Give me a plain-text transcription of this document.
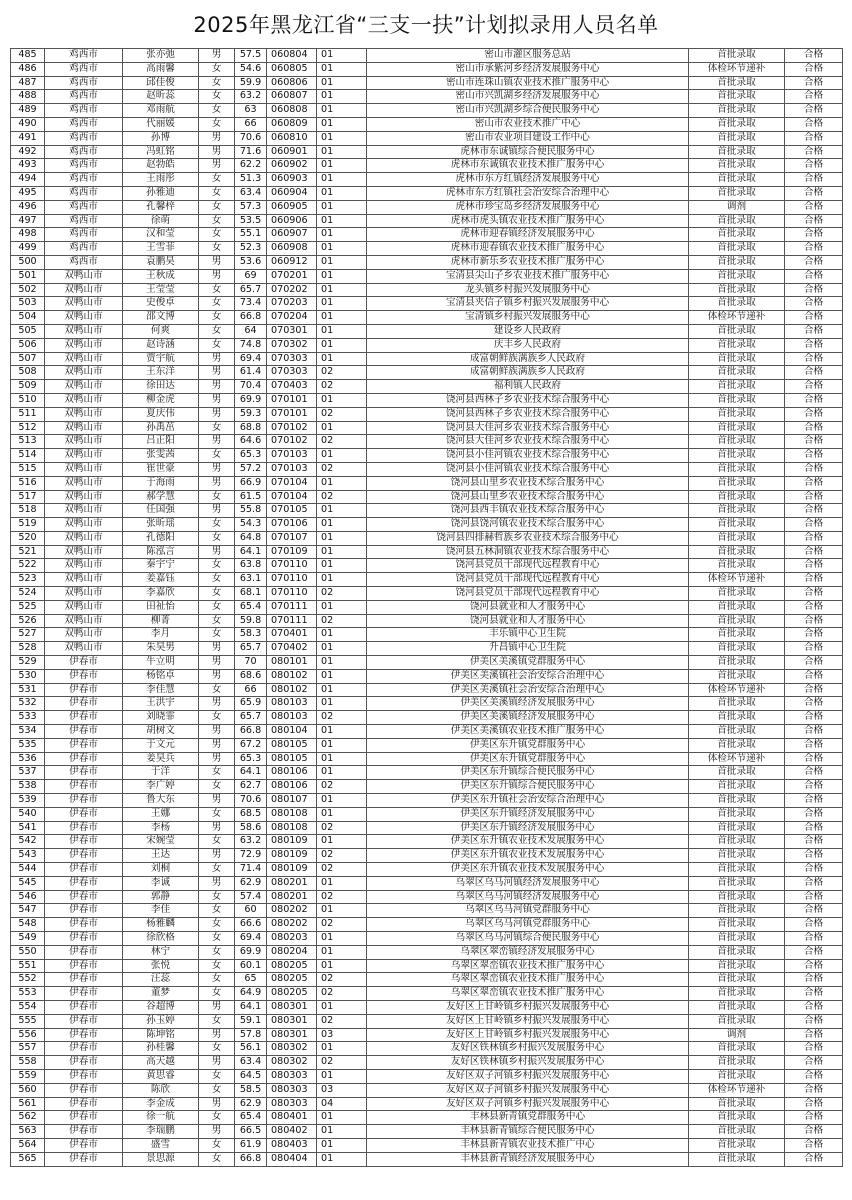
2025年黑龙江省“三支一扶”计划拟录用人员名单
485	鸡西市	张亦弛	男	57.5	060804	01	密山市灌区服务总站	首批录取	合格
486	鸡西市	高雨馨	女	54.6	060805	01	密山市承紫河乡经济发展服务中心	体检环节递补	合格
487	鸡西市	邱佳俊	女	59.9	060806	01	密山市连珠山镇农业技术推广服务中心	首批录取	合格
488	鸡西市	赵昕蕊	女	63.2	060807	01	密山市兴凯湖乡经济发展服务中心	首批录取	合格
489	鸡西市	邓雨航	女	63	060808	01	密山市兴凯湖乡综合便民服务中心	首批录取	合格
490	鸡西市	代丽媛	女	66	060809	01	密山市农业技术推广中心	首批录取	合格
491	鸡西市	孙博	男	70.6	060810	01	密山市农业项目建设工作中心	首批录取	合格
492	鸡西市	冯虹铭	男	71.6	060901	01	虎林市东诚镇综合便民服务中心	首批录取	合格
493	鸡西市	赵勃皓	男	62.2	060902	01	虎林市东诚镇农业技术推广服务中心	首批录取	合格
494	鸡西市	王雨彤	女	51.3	060903	01	虎林市东方红镇经济发展服务中心	首批录取	合格
495	鸡西市	孙雅迪	女	63.4	060904	01	虎林市东方红镇社会治安综合治理中心	首批录取	合格
496	鸡西市	孔馨梓	女	57.3	060905	01	虎林市珍宝岛乡经济发展服务中心	调剂	合格
497	鸡西市	徐萌	女	53.5	060906	01	虎林市虎头镇农业技术推广服务中心	首批录取	合格
498	鸡西市	汉和莹	女	55.1	060907	01	虎林市迎春镇经济发展服务中心	首批录取	合格
499	鸡西市	王雪菲	女	52.3	060908	01	虎林市迎春镇农业技术推广服务中心	首批录取	合格
500	鸡西市	袁鹏昊	男	53.6	060912	01	虎林市新乐乡农业技术推广服务中心	首批录取	合格
501	双鸭山市	王秋成	男	69	070201	01	宝清县尖山子乡农业技术推广服务中心	首批录取	合格
502	双鸭山市	王莹莹	女	65.7	070202	01	龙头镇乡村振兴发展服务中心	首批录取	合格
503	双鸭山市	史俊卓	女	73.4	070203	01	宝清县夹信子镇乡村振兴发展服务中心	首批录取	合格
504	双鸭山市	邵文博	女	66.8	070204	01	宝清镇乡村振兴发展服务中心	体检环节递补	合格
505	双鸭山市	何爽	女	64	070301	01	建设乡人民政府	首批录取	合格
506	双鸭山市	赵诗涵	女	74.8	070302	01	庆丰乡人民政府	首批录取	合格
507	双鸭山市	贾宇航	男	69.4	070303	01	成富朝鲜族满族乡人民政府	首批录取	合格
508	双鸭山市	王东洋	男	61.4	070303	02	成富朝鲜族满族乡人民政府	首批录取	合格
509	双鸭山市	徐田达	男	70.4	070403	02	福利镇人民政府	首批录取	合格
510	双鸭山市	柳金虎	男	69.9	070101	01	饶河县西林子乡农业技术综合服务中心	首批录取	合格
511	双鸭山市	夏庆伟	男	59.3	070101	02	饶河县西林子乡农业技术综合服务中心	首批录取	合格
512	双鸭山市	孙禹茁	女	68.8	070102	01	饶河县大佳河乡农业技术综合服务中心	首批录取	合格
513	双鸭山市	吕正阳	男	64.6	070102	02	饶河县大佳河乡农业技术综合服务中心	首批录取	合格
514	双鸭山市	张雯茜	女	65.3	070103	01	饶河县小佳河镇农业技术综合服务中心	首批录取	合格
515	双鸭山市	崔世豪	男	57.2	070103	02	饶河县小佳河镇农业技术综合服务中心	首批录取	合格
516	双鸭山市	于海雨	男	66.9	070104	01	饶河县山里乡农业技术综合服务中心	首批录取	合格
517	双鸭山市	郝学慧	女	61.5	070104	02	饶河县山里乡农业技术综合服务中心	首批录取	合格
518	双鸭山市	任国强	男	55.8	070105	01	饶河县西丰镇农业技术综合服务中心	首批录取	合格
519	双鸭山市	张昕瑶	女	54.3	070106	01	饶河县饶河镇农业技术综合服务中心	首批录取	合格
520	双鸭山市	孔德阳	女	64.8	070107	01	饶河县四排赫哲族乡农业技术综合服务中心	首批录取	合格
521	双鸭山市	陈泓言	男	64.1	070109	01	饶河县五林洞镇农业技术综合服务中心	首批录取	合格
522	双鸭山市	秦宇宁	女	63.8	070110	01	饶河县党员干部现代远程教育中心	首批录取	合格
523	双鸭山市	姜嘉钰	女	63.1	070110	01	饶河县党员干部现代远程教育中心	体检环节递补	合格
524	双鸭山市	李嘉欣	女	68.1	070110	02	饶河县党员干部现代远程教育中心	首批录取	合格
525	双鸭山市	田祉怡	女	65.4	070111	01	饶河县就业和人才服务中心	首批录取	合格
526	双鸭山市	柳菁	女	59.8	070111	02	饶河县就业和人才服务中心	首批录取	合格
527	双鸭山市	李月	女	58.3	070401	01	丰乐镇中心卫生院	首批录取	合格
528	双鸭山市	朱昊男	男	65.7	070402	01	升昌镇中心卫生院	首批录取	合格
529	伊春市	牛立明	男	70	080101	01	伊美区美溪镇党群服务中心	首批录取	合格
530	伊春市	杨铭卓	男	68.6	080102	01	伊美区美溪镇社会治安综合治理中心	首批录取	合格
531	伊春市	李佳慧	女	66	080102	01	伊美区美溪镇社会治安综合治理中心	体检环节递补	合格
532	伊春市	王洪宇	男	65.9	080103	01	伊美区美溪镇经济发展服务中心	首批录取	合格
533	伊春市	刘晓霏	女	65.7	080103	02	伊美区美溪镇经济发展服务中心	首批录取	合格
534	伊春市	胡树文	男	66.8	080104	01	伊美区美溪镇农业技术推广服务中心	首批录取	合格
535	伊春市	于文元	男	67.2	080105	01	伊美区东升镇党群服务中心	首批录取	合格
536	伊春市	姜昊兵	男	65.3	080105	01	伊美区东升镇党群服务中心	体检环节递补	合格
537	伊春市	于洋	女	64.1	080106	01	伊美区东升镇综合便民服务中心	首批录取	合格
538	伊春市	李广婷	女	62.7	080106	02	伊美区东升镇综合便民服务中心	首批录取	合格
539	伊春市	鲁大东	男	70.6	080107	01	伊美区东升镇社会治安综合治理中心	首批录取	合格
540	伊春市	王娜	女	68.5	080108	01	伊美区东升镇经济发展服务中心	首批录取	合格
541	伊春市	李杨	男	58.6	080108	02	伊美区东升镇经济发展服务中心	首批录取	合格
542	伊春市	宋婉莹	女	63.2	080109	01	伊美区东升镇农业技术发展服务中心	首批录取	合格
543	伊春市	王达	男	72.9	080109	02	伊美区东升镇农业技术发展服务中心	首批录取	合格
544	伊春市	刘桐	女	71.4	080109	02	伊美区东升镇农业技术发展服务中心	首批录取	合格
545	伊春市	李诚	男	62.9	080201	01	乌翠区乌马河镇经济发展服务中心	首批录取	合格
546	伊春市	郭静	女	57.4	080201	02	乌翠区乌马河镇经济发展服务中心	首批录取	合格
547	伊春市	李佳	女	60	080202	01	乌翠区乌马河镇党群服务中心	首批录取	合格
548	伊春市	杨雅麟	女	66.6	080202	02	乌翠区乌马河镇党群服务中心	首批录取	合格
549	伊春市	徐欣格	女	69.4	080203	01	乌翠区乌马河镇综合便民服务中心	首批录取	合格
550	伊春市	林宁	女	69.9	080204	01	乌翠区翠峦镇经济发展服务中心	首批录取	合格
551	伊春市	张悦	女	60.1	080205	01	乌翠区翠峦镇农业技术推广服务中心	首批录取	合格
552	伊春市	汪蕊	女	65	080205	02	乌翠区翠峦镇农业技术推广服务中心	首批录取	合格
553	伊春市	董梦	女	64.9	080205	02	乌翠区翠峦镇农业技术推广服务中心	首批录取	合格
554	伊春市	谷超博	男	64.1	080301	01	友好区上甘岭镇乡村振兴发展服务中心	首批录取	合格
555	伊春市	孙玉婷	女	59.1	080301	02	友好区上甘岭镇乡村振兴发展服务中心	首批录取	合格
556	伊春市	陈坤铭	男	57.8	080301	03	友好区上甘岭镇乡村振兴发展服务中心	调剂	合格
557	伊春市	孙桂馨	女	56.1	080302	01	友好区铁林镇乡村振兴发展服务中心	首批录取	合格
558	伊春市	高天越	男	63.4	080302	02	友好区铁林镇乡村振兴发展服务中心	首批录取	合格
559	伊春市	黄思睿	女	64.5	080303	01	友好区双子河镇乡村振兴发展服务中心	首批录取	合格
560	伊春市	陈欣	女	58.5	080303	03	友好区双子河镇乡村振兴发展服务中心	体检环节递补	合格
561	伊春市	李金成	男	62.9	080303	04	友好区双子河镇乡村振兴发展服务中心	首批录取	合格
562	伊春市	徐一航	女	65.4	080401	01	丰林县新青镇党群服务中心	首批录取	合格
563	伊春市	李瑞鹏	男	66.5	080402	01	丰林县新青镇综合便民服务中心	首批录取	合格
564	伊春市	盛雪	女	61.9	080403	01	丰林县新青镇农业技术推广中心	首批录取	合格
565	伊春市	景思源	女	66.8	080404	01	丰林县新青镇经济发展服务中心	首批录取	合格
